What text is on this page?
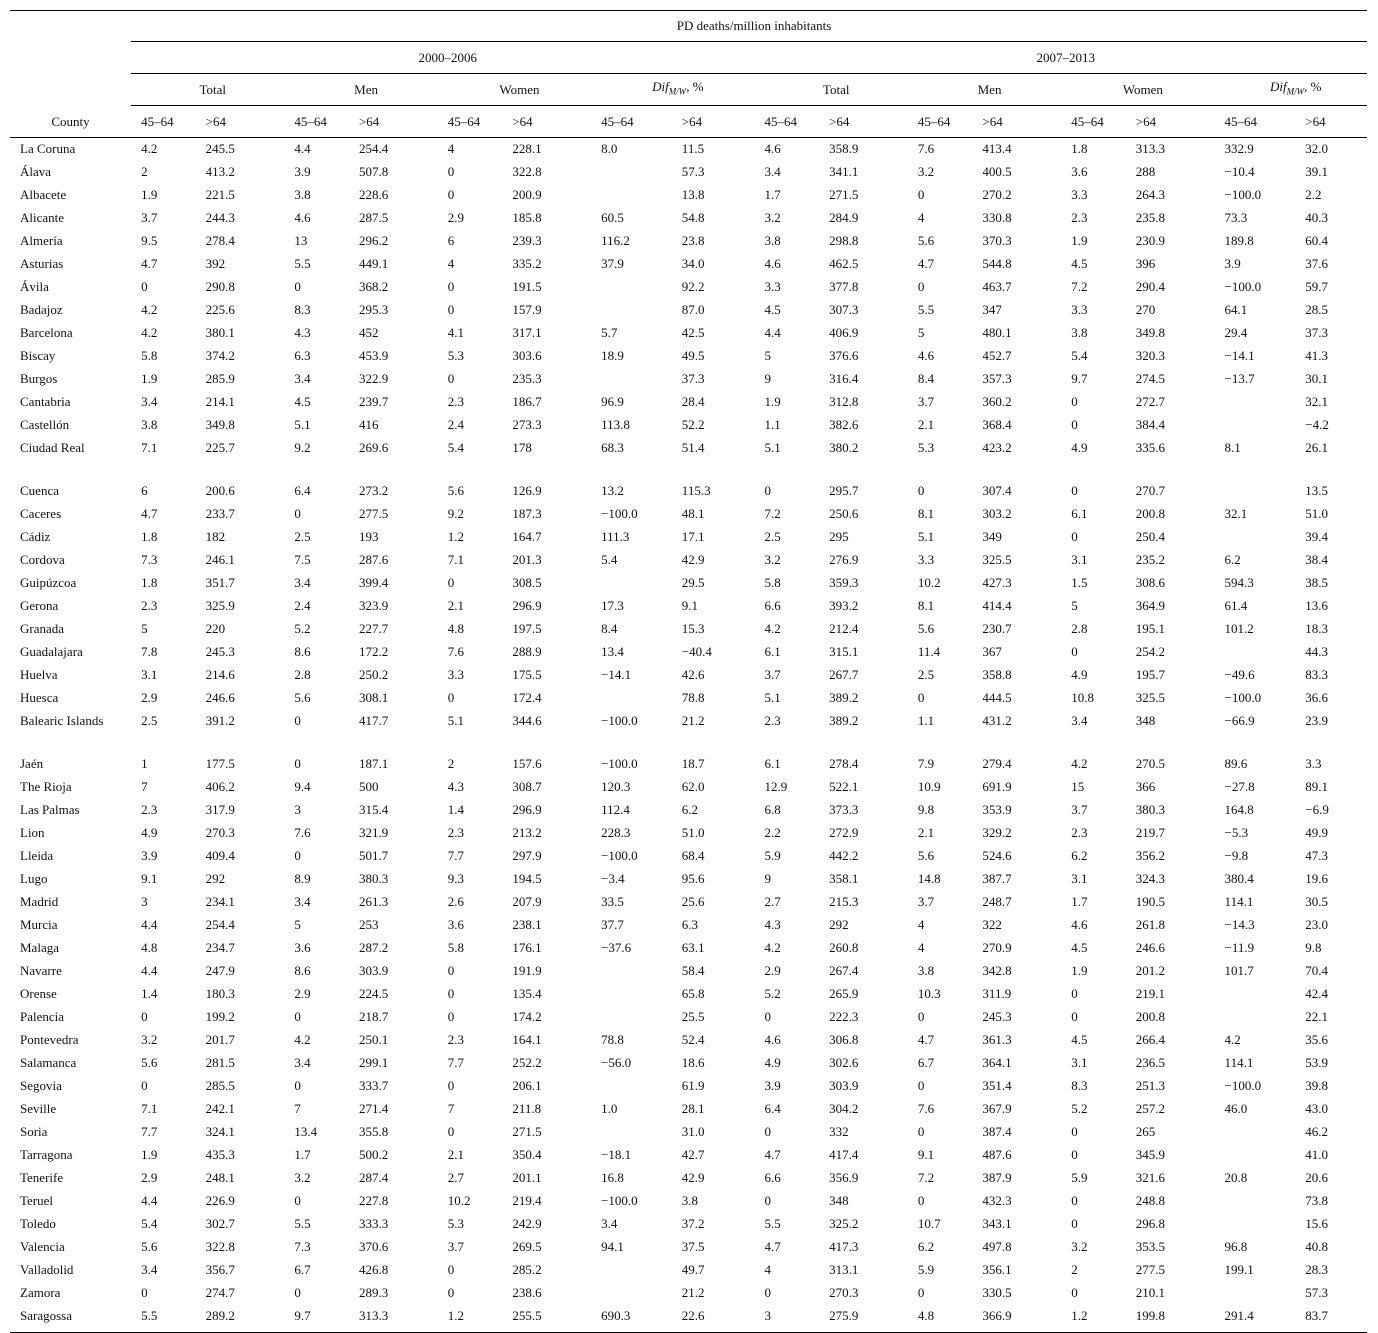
County	PD deaths/million inhabitants															
	2000–2006								2007–2013							
	Total		Men		Women		Dif$_{M/W}$, %		Total		Men		Women		Dif$_{M/W}$, %	
	45–64	>64	45–64	>64	45–64	>64	45–64	>64	45–64	>64	45–64	>64	45–64	>64	45–64	>64
La Coruna	4.2	245.5	4.4	254.4	4	228.1	8.0	11.5	4.6	358.9	7.6	413.4	1.8	313.3	332.9	32.0
Álava	2	413.2	3.9	507.8	0	322.8		57.3	3.4	341.1	3.2	400.5	3.6	288	−10.4	39.1
Albacete	1.9	221.5	3.8	228.6	0	200.9		13.8	1.7	271.5	0	270.2	3.3	264.3	−100.0	2.2
Alicante	3.7	244.3	4.6	287.5	2.9	185.8	60.5	54.8	3.2	284.9	4	330.8	2.3	235.8	73.3	40.3
Almería	9.5	278.4	13	296.2	6	239.3	116.2	23.8	3.8	298.8	5.6	370.3	1.9	230.9	189.8	60.4
Asturias	4.7	392	5.5	449.1	4	335.2	37.9	34.0	4.6	462.5	4.7	544.8	4.5	396	3.9	37.6
Ávila	0	290.8	0	368.2	0	191.5		92.2	3.3	377.8	0	463.7	7.2	290.4	−100.0	59.7
Badajoz	4.2	225.6	8.3	295.3	0	157.9		87.0	4.5	307.3	5.5	347	3.3	270	64.1	28.5
Barcelona	4.2	380.1	4.3	452	4.1	317.1	5.7	42.5	4.4	406.9	5	480.1	3.8	349.8	29.4	37.3
Biscay	5.8	374.2	6.3	453.9	5.3	303.6	18.9	49.5	5	376.6	4.6	452.7	5.4	320.3	−14.1	41.3
Burgos	1.9	285.9	3.4	322.9	0	235.3		37.3	9	316.4	8.4	357.3	9.7	274.5	−13.7	30.1
Cantabria	3.4	214.1	4.5	239.7	2.3	186.7	96.9	28.4	1.9	312.8	3.7	360.2	0	272.7		32.1
Castellón	3.8	349.8	5.1	416	2.4	273.3	113.8	52.2	1.1	382.6	2.1	368.4	0	384.4		−4.2
Ciudad Real	7.1	225.7	9.2	269.6	5.4	178	68.3	51.4	5.1	380.2	5.3	423.2	4.9	335.6	8.1	26.1
Cuenca	6	200.6	6.4	273.2	5.6	126.9	13.2	115.3	0	295.7	0	307.4	0	270.7		13.5
Caceres	4.7	233.7	0	277.5	9.2	187.3	−100.0	48.1	7.2	250.6	8.1	303.2	6.1	200.8	32.1	51.0
Cádiz	1.8	182	2.5	193	1.2	164.7	111.3	17.1	2.5	295	5.1	349	0	250.4		39.4
Cordova	7.3	246.1	7.5	287.6	7.1	201.3	5.4	42.9	3.2	276.9	3.3	325.5	3.1	235.2	6.2	38.4
Guipúzcoa	1.8	351.7	3.4	399.4	0	308.5		29.5	5.8	359.3	10.2	427.3	1.5	308.6	594.3	38.5
Gerona	2.3	325.9	2.4	323.9	2.1	296.9	17.3	9.1	6.6	393.2	8.1	414.4	5	364.9	61.4	13.6
Granada	5	220	5.2	227.7	4.8	197.5	8.4	15.3	4.2	212.4	5.6	230.7	2.8	195.1	101.2	18.3
Guadalajara	7.8	245.3	8.6	172.2	7.6	288.9	13.4	−40.4	6.1	315.1	11.4	367	0	254.2		44.3
Huelva	3.1	214.6	2.8	250.2	3.3	175.5	−14.1	42.6	3.7	267.7	2.5	358.8	4.9	195.7	−49.6	83.3
Huesca	2.9	246.6	5.6	308.1	0	172.4		78.8	5.1	389.2	0	444.5	10.8	325.5	−100.0	36.6
Balearic Islands	2.5	391.2	0	417.7	5.1	344.6	−100.0	21.2	2.3	389.2	1.1	431.2	3.4	348	−66.9	23.9
Jaén	1	177.5	0	187.1	2	157.6	−100.0	18.7	6.1	278.4	7.9	279.4	4.2	270.5	89.6	3.3
The Rioja	7	406.2	9.4	500	4.3	308.7	120.3	62.0	12.9	522.1	10.9	691.9	15	366	−27.8	89.1
Las Palmas	2.3	317.9	3	315.4	1.4	296.9	112.4	6.2	6.8	373.3	9.8	353.9	3.7	380.3	164.8	−6.9
Lion	4.9	270.3	7.6	321.9	2.3	213.2	228.3	51.0	2.2	272.9	2.1	329.2	2.3	219.7	−5.3	49.9
Lleida	3.9	409.4	0	501.7	7.7	297.9	−100.0	68.4	5.9	442.2	5.6	524.6	6.2	356.2	−9.8	47.3
Lugo	9.1	292	8.9	380.3	9.3	194.5	−3.4	95.6	9	358.1	14.8	387.7	3.1	324.3	380.4	19.6
Madrid	3	234.1	3.4	261.3	2.6	207.9	33.5	25.6	2.7	215.3	3.7	248.7	1.7	190.5	114.1	30.5
Murcia	4.4	254.4	5	253	3.6	238.1	37.7	6.3	4.3	292	4	322	4.6	261.8	−14.3	23.0
Malaga	4.8	234.7	3.6	287.2	5.8	176.1	−37.6	63.1	4.2	260.8	4	270.9	4.5	246.6	−11.9	9.8
Navarre	4.4	247.9	8.6	303.9	0	191.9		58.4	2.9	267.4	3.8	342.8	1.9	201.2	101.7	70.4
Orense	1.4	180.3	2.9	224.5	0	135.4		65.8	5.2	265.9	10.3	311.9	0	219.1		42.4
Palencia	0	199.2	0	218.7	0	174.2		25.5	0	222.3	0	245.3	0	200.8		22.1
Pontevedra	3.2	201.7	4.2	250.1	2.3	164.1	78.8	52.4	4.6	306.8	4.7	361.3	4.5	266.4	4.2	35.6
Salamanca	5.6	281.5	3.4	299.1	7.7	252.2	−56.0	18.6	4.9	302.6	6.7	364.1	3.1	236.5	114.1	53.9
Segovia	0	285.5	0	333.7	0	206.1		61.9	3.9	303.9	0	351.4	8.3	251.3	−100.0	39.8
Seville	7.1	242.1	7	271.4	7	211.8	1.0	28.1	6.4	304.2	7.6	367.9	5.2	257.2	46.0	43.0
Soria	7.7	324.1	13.4	355.8	0	271.5		31.0	0	332	0	387.4	0	265		46.2
Tarragona	1.9	435.3	1.7	500.2	2.1	350.4	−18.1	42.7	4.7	417.4	9.1	487.6	0	345.9		41.0
Tenerife	2.9	248.1	3.2	287.4	2.7	201.1	16.8	42.9	6.6	356.9	7.2	387.9	5.9	321.6	20.8	20.6
Teruel	4.4	226.9	0	227.8	10.2	219.4	−100.0	3.8	0	348	0	432.3	0	248.8		73.8
Toledo	5.4	302.7	5.5	333.3	5.3	242.9	3.4	37.2	5.5	325.2	10.7	343.1	0	296.8		15.6
Valencia	5.6	322.8	7.3	370.6	3.7	269.5	94.1	37.5	4.7	417.3	6.2	497.8	3.2	353.5	96.8	40.8
Valladolid	3.4	356.7	6.7	426.8	0	285.2		49.7	4	313.1	5.9	356.1	2	277.5	199.1	28.3
Zamora	0	274.7	0	289.3	0	238.6		21.2	0	270.3	0	330.5	0	210.1		57.3
Saragossa	5.5	289.2	9.7	313.3	1.2	255.5	690.3	22.6	3	275.9	4.8	366.9	1.2	199.8	291.4	83.7
